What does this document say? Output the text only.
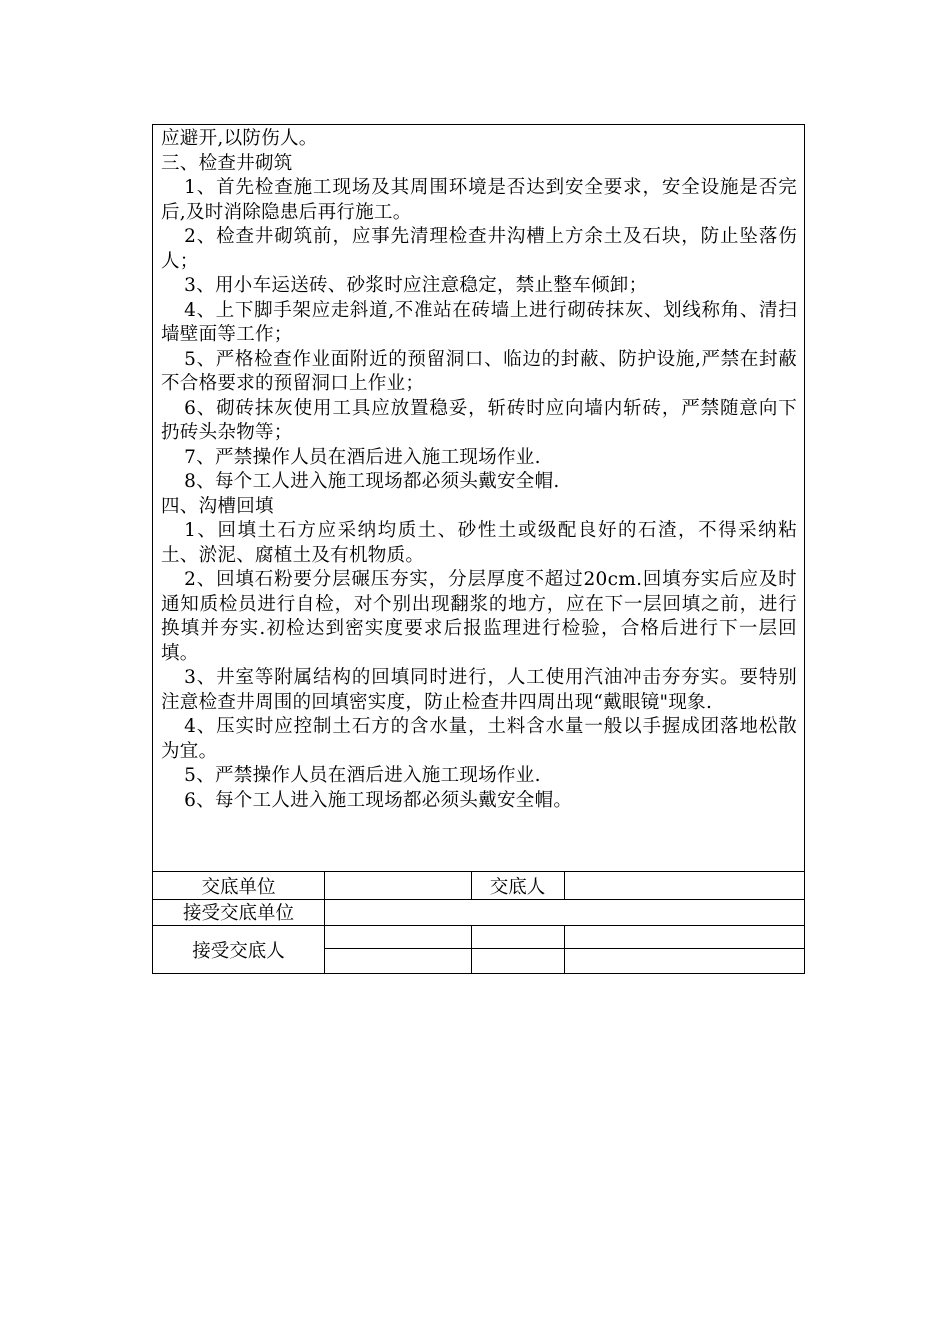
应避开,以防伤人。

三、检查井砌筑

1、首先检查施工现场及其周围环境是否达到安全要求，安全设施是否完后,及时消除隐患后再行施工。

2、检查井砌筑前，应事先清理检查井沟槽上方余土及石块，防止坠落伤人；

3、用小车运送砖、砂浆时应注意稳定，禁止整车倾卸；

4、上下脚手架应走斜道,不准站在砖墙上进行砌砖抹灰、划线称角、清扫墙壁面等工作；

5、严格检查作业面附近的预留洞口、临边的封蔽、防护设施,严禁在封蔽不合格要求的预留洞口上作业；

6、砌砖抹灰使用工具应放置稳妥，斩砖时应向墙内斩砖，严禁随意向下扔砖头杂物等；

7、严禁操作人员在酒后进入施工现场作业.

8、每个工人进入施工现场都必须头戴安全帽.

四、沟槽回填

1、回填土石方应采纳均质土、砂性土或级配良好的石渣，不得采纳粘土、淤泥、腐植土及有机物质。

2、回填石粉要分层碾压夯实，分层厚度不超过20cm.回填夯实后应及时通知质检员进行自检，对个别出现翻浆的地方，应在下一层回填之前，进行换填并夯实.初检达到密实度要求后报监理进行检验，合格后进行下一层回填。

3、井室等附属结构的回填同时进行，人工使用汽油冲击夯夯实。要特别注意检查井周围的回填密实度，防止检查井四周出现“戴眼镜"现象.

4、压实时应控制土石方的含水量，土料含水量一般以手握成团落地松散为宜。

5、严禁操作人员在酒后进入施工现场作业.

6、每个工人进入施工现场都必须头戴安全帽。

交底单位	交底人
接受交底单位
接受交底人
